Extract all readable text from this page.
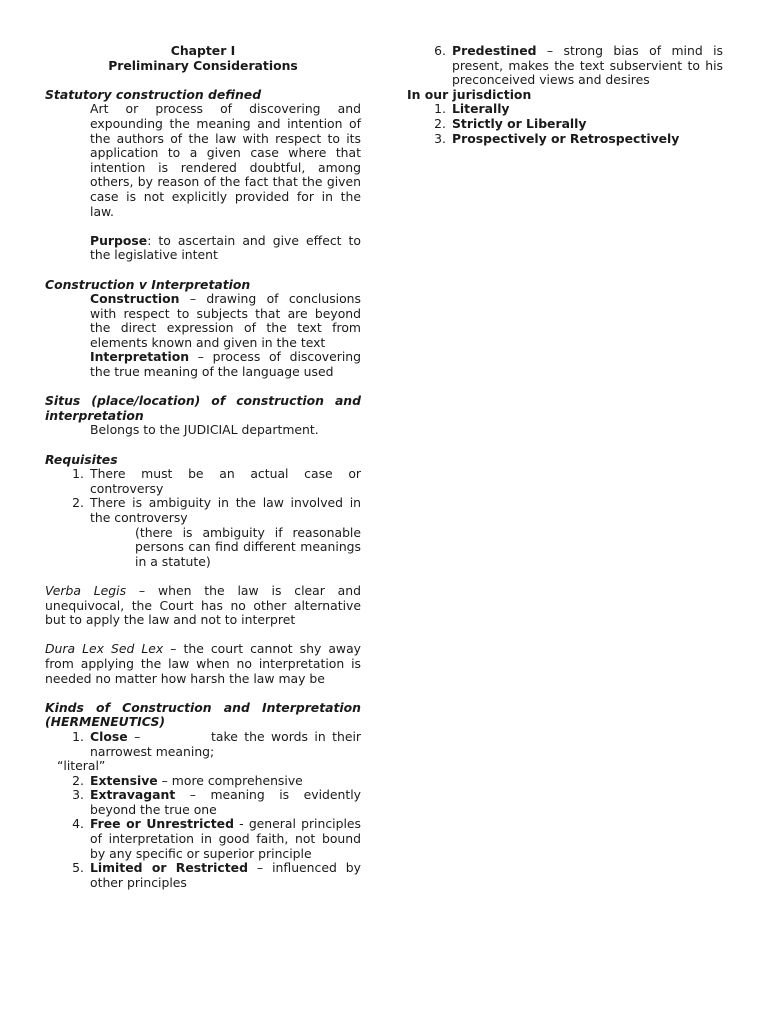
Chapter I

Preliminary Considerations

Statutory construction defined

Art or process of discovering and expounding the meaning and intention of the authors of the law with respect to its application to a given case where that intention is rendered doubtful, among others, by reason of the fact that the given case is not explicitly provided for in the law.

Purpose: to ascertain and give effect to the legislative intent

Construction v Interpretation

Construction – drawing of conclusions with respect to subjects that are beyond the direct expression of the text from elements known and given in the text

Interpretation – process of discovering the true meaning of the language used

Situs (place/location) of construction and interpretation

Belongs to the JUDICIAL department.

Requisites

1. There must be an actual case or controversy
2. There is ambiguity in the law involved in the controversy

(there is ambiguity if reasonable persons can find different meanings in a statute)

Verba Legis – when the law is clear and unequivocal, the Court has no other alternative but to apply the law and not to interpret

Dura Lex Sed Lex – the court cannot shy away from applying the law when no interpretation is needed no matter how harsh the law may be

Kinds of Construction and Interpretation (HERMENEUTICS)

1. Close –           take the words in their narrowest meaning;

“literal”

2. Extensive – more comprehensive
3. Extravagant – meaning is evidently beyond the true one
4. Free or Unrestricted - general principles of interpretation in good faith, not bound by any specific or superior principle
5. Limited or Restricted – influenced by other principles
6. Predestined – strong bias of mind is present, makes the text subservient to his preconceived views and desires

In our jurisdiction

1. Literally
2. Strictly or Liberally
3. Prospectively or Retrospectively
